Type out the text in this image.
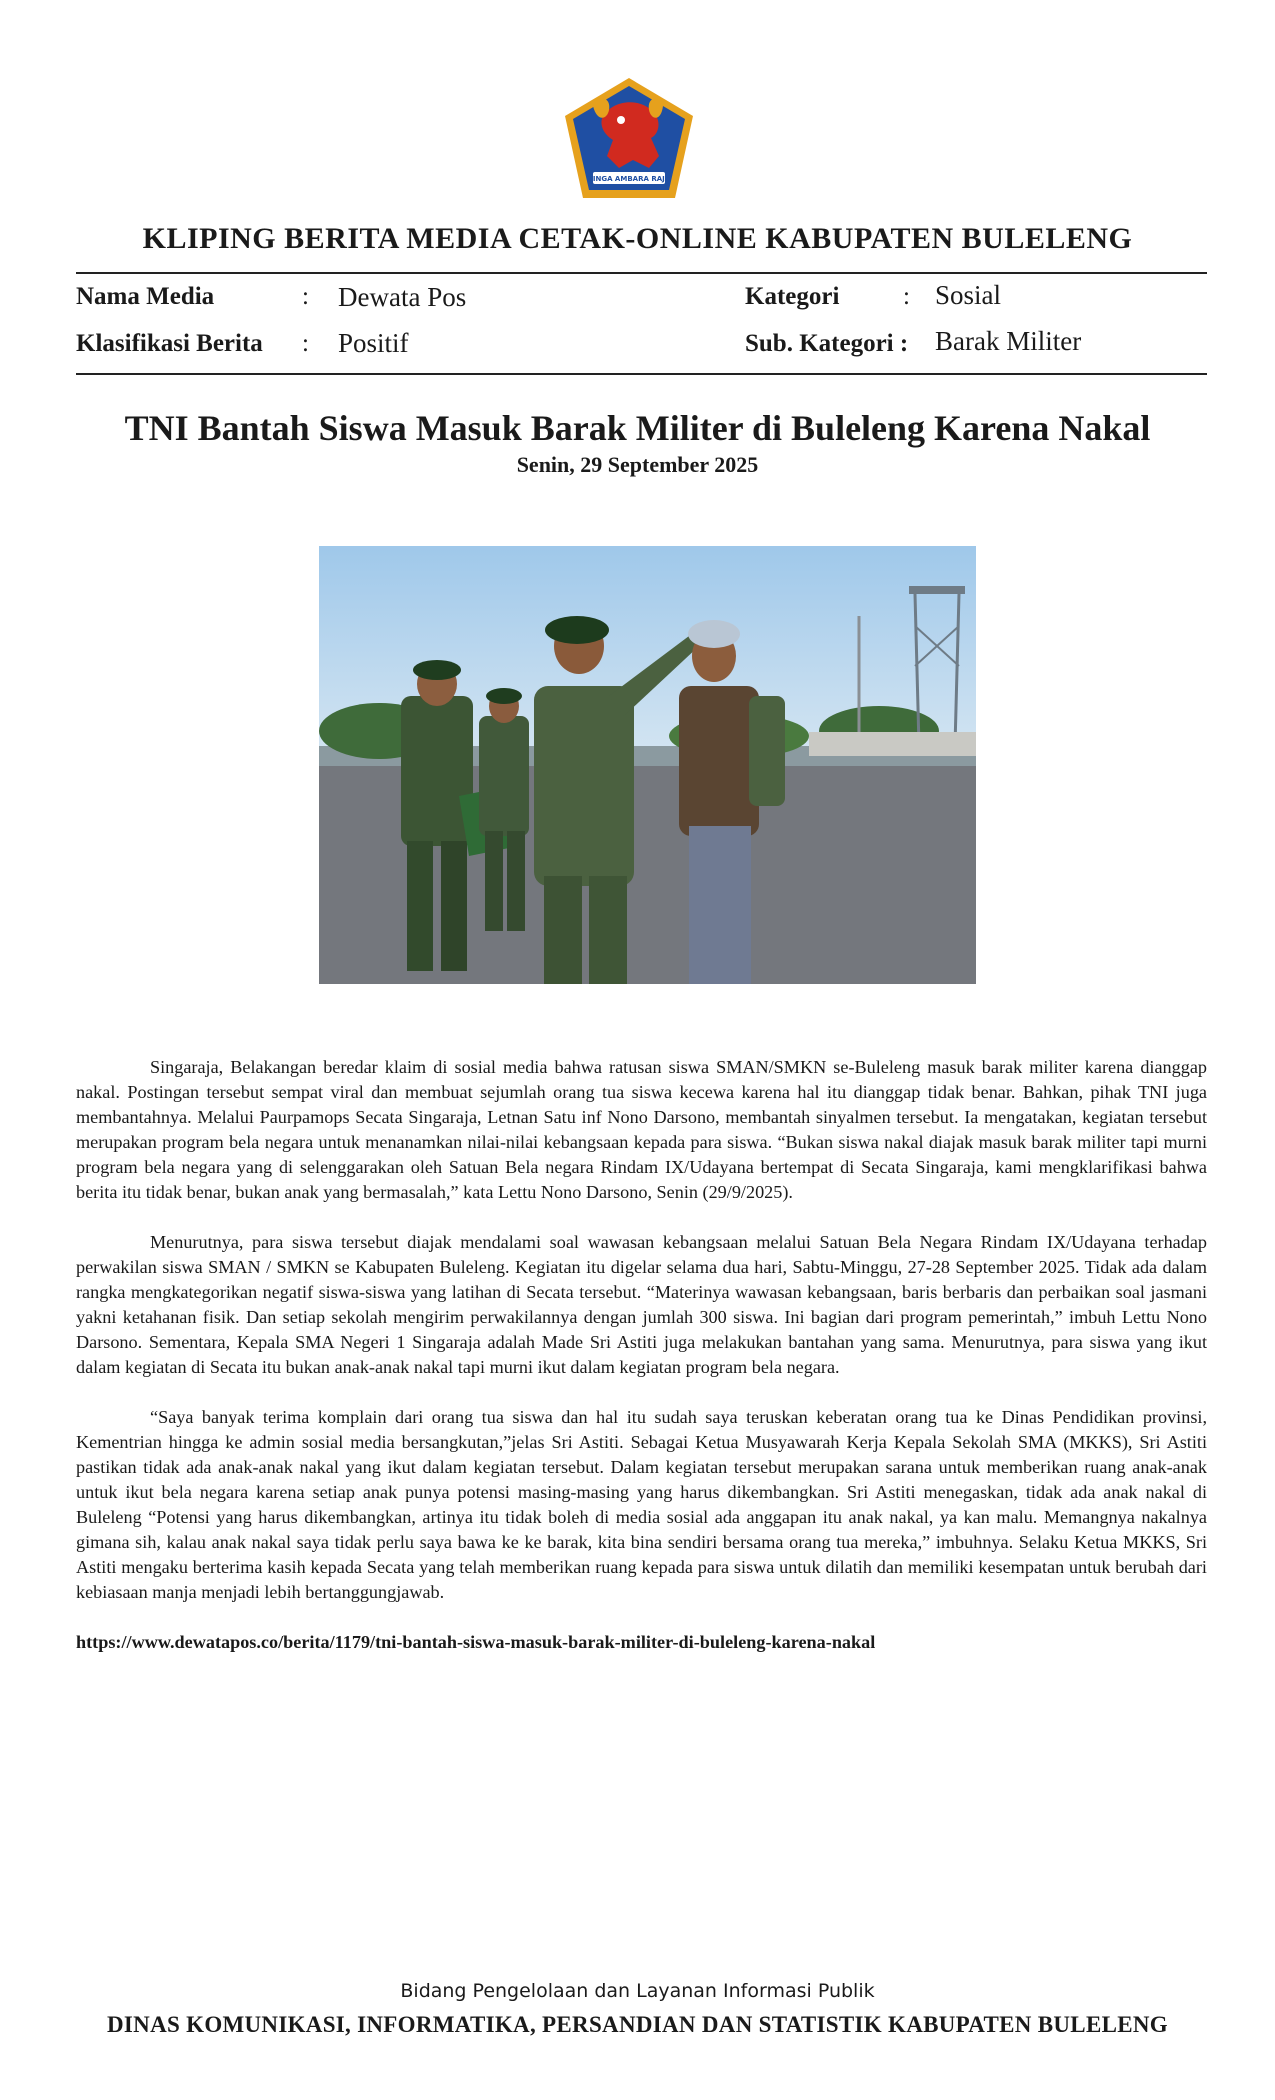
SINGA AMBARA RAJA
KLIPING BERITA MEDIA CETAK-ONLINE KABUPATEN BULELENG
Nama Media	: Dewata Pos	Kategori	: Sosial
Klasifikasi Berita : Positif	Sub. Kategori : Barak Militer
TNI Bantah Siswa Masuk Barak Militer di Buleleng Karena Nakal
Senin, 29 September 2025

Singaraja, Belakangan beredar klaim di sosial media bahwa ratusan siswa SMAN/SMKN se-Buleleng masuk barak militer karena dianggap nakal. Postingan tersebut sempat viral dan membuat sejumlah orang tua siswa kecewa karena hal itu dianggap tidak benar. Bahkan, pihak TNI juga membantahnya. Melalui Paurpamops Secata Singaraja, Letnan Satu inf Nono Darsono, membantah sinyalmen tersebut. Ia mengatakan, kegiatan tersebut merupakan program bela negara untuk menanamkan nilai-nilai kebangsaan kepada para siswa. “Bukan siswa nakal diajak masuk barak militer tapi murni program bela negara yang di selenggarakan oleh Satuan Bela negara Rindam IX/Udayana bertempat di Secata Singaraja, kami mengklarifikasi bahwa berita itu tidak benar, bukan anak yang bermasalah,” kata Lettu Nono Darsono, Senin (29/9/2025).

Menurutnya, para siswa tersebut diajak mendalami soal wawasan kebangsaan melalui Satuan Bela Negara Rindam IX/Udayana terhadap perwakilan siswa SMAN / SMKN se Kabupaten Buleleng. Kegiatan itu digelar selama dua hari, Sabtu-Minggu, 27-28 September 2025. Tidak ada dalam rangka mengkategorikan negatif siswa-siswa yang latihan di Secata tersebut. “Materinya wawasan kebangsaan, baris berbaris dan perbaikan soal jasmani yakni ketahanan fisik. Dan setiap sekolah mengirim perwakilannya dengan jumlah 300 siswa. Ini bagian dari program pemerintah,” imbuh Lettu Nono Darsono. Sementara, Kepala SMA Negeri 1 Singaraja adalah Made Sri Astiti juga melakukan bantahan yang sama. Menurutnya, para siswa yang ikut dalam kegiatan di Secata itu bukan anak-anak nakal tapi murni ikut dalam kegiatan program bela negara.

“Saya banyak terima komplain dari orang tua siswa dan hal itu sudah saya teruskan keberatan orang tua ke Dinas Pendidikan provinsi, Kementrian hingga ke admin sosial media bersangkutan,”jelas Sri Astiti. Sebagai Ketua Musyawarah Kerja Kepala Sekolah SMA (MKKS), Sri Astiti pastikan tidak ada anak-anak nakal yang ikut dalam kegiatan tersebut. Dalam kegiatan tersebut merupakan sarana untuk memberikan ruang anak-anak untuk ikut bela negara karena setiap anak punya potensi masing-masing yang harus dikembangkan. Sri Astiti menegaskan, tidak ada anak nakal di Buleleng “Potensi yang harus dikembangkan, artinya itu tidak boleh di media sosial ada anggapan itu anak nakal, ya kan malu. Memangnya nakalnya gimana sih, kalau anak nakal saya tidak perlu saya bawa ke ke barak, kita bina sendiri bersama orang tua mereka,” imbuhnya. Selaku Ketua MKKS, Sri Astiti mengaku berterima kasih kepada Secata yang telah memberikan ruang kepada para siswa untuk dilatih dan memiliki kesempatan untuk berubah dari kebiasaan manja menjadi lebih bertanggungjawab.

https://www.dewatapos.co/berita/1179/tni-bantah-siswa-masuk-barak-militer-di-buleleng-karena-nakal
Bidang Pengelolaan dan Layanan Informasi Publik
DINAS KOMUNIKASI, INFORMATIKA, PERSANDIAN DAN STATISTIK KABUPATEN BULELENG
